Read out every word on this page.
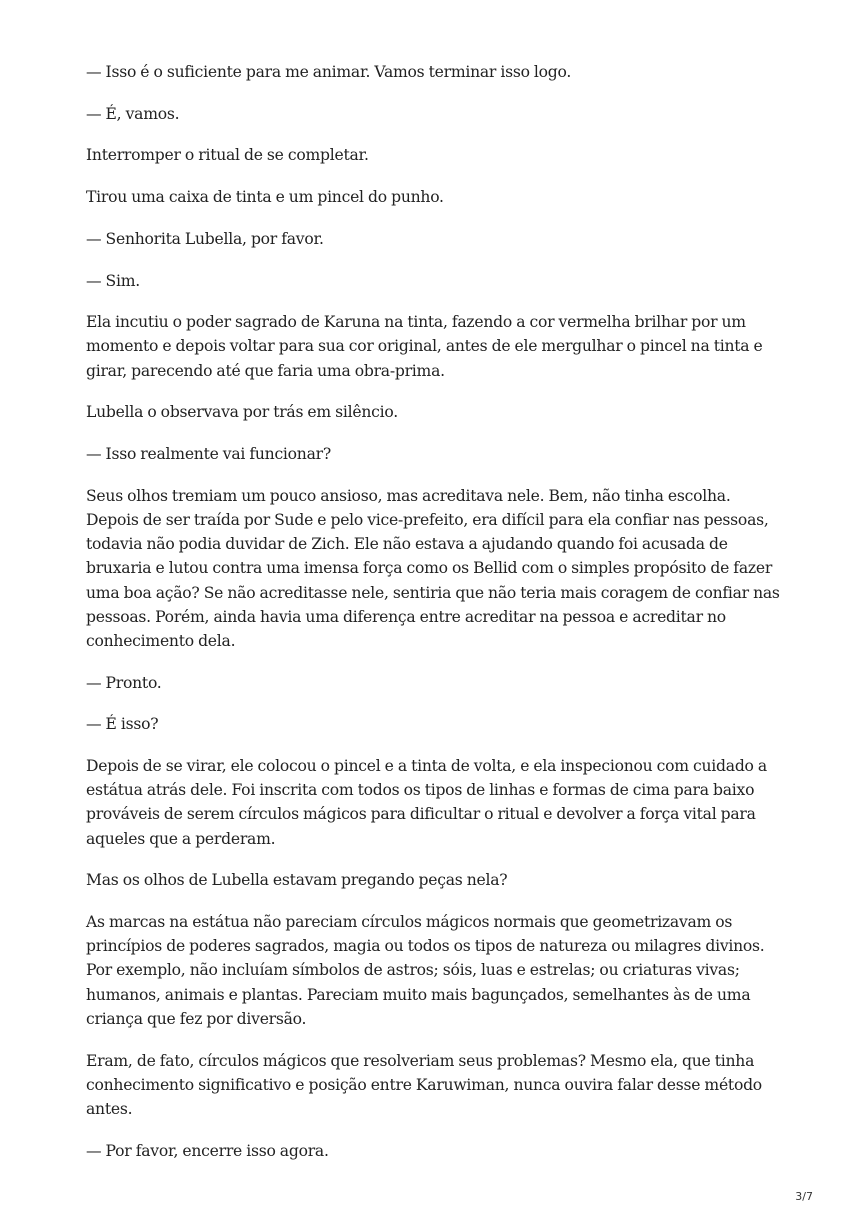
— Isso é o suficiente para me animar. Vamos terminar isso logo.

— É, vamos.

Interromper o ritual de se completar.

Tirou uma caixa de tinta e um pincel do punho.

— Senhorita Lubella, por favor.

— Sim.

Ela incutiu o poder sagrado de Karuna na tinta, fazendo a cor vermelha brilhar por um momento e depois voltar para sua cor original, antes de ele mergulhar o pincel na tinta e girar, parecendo até que faria uma obra-prima.

Lubella o observava por trás em silêncio.

— Isso realmente vai funcionar?

Seus olhos tremiam um pouco ansioso, mas acreditava nele. Bem, não tinha escolha. Depois de ser traída por Sude e pelo vice-prefeito, era difícil para ela confiar nas pessoas, todavia não podia duvidar de Zich. Ele não estava a ajudando quando foi acusada de bruxaria e lutou contra uma imensa força como os Bellid com o simples propósito de fazer uma boa ação? Se não acreditasse nele, sentiria que não teria mais coragem de confiar nas pessoas. Porém, ainda havia uma diferença entre acreditar na pessoa e acreditar no conhecimento dela.

— Pronto.

— É isso?

Depois de se virar, ele colocou o pincel e a tinta de volta, e ela inspecionou com cuidado a estátua atrás dele. Foi inscrita com todos os tipos de linhas e formas de cima para baixo prováveis de serem círculos mágicos para dificultar o ritual e devolver a força vital para aqueles que a perderam.

Mas os olhos de Lubella estavam pregando peças nela?

As marcas na estátua não pareciam círculos mágicos normais que geometrizavam os princípios de poderes sagrados, magia ou todos os tipos de natureza ou milagres divinos. Por exemplo, não incluíam símbolos de astros; sóis, luas e estrelas; ou criaturas vivas; humanos, animais e plantas. Pareciam muito mais bagunçados, semelhantes às de uma criança que fez por diversão.

Eram, de fato, círculos mágicos que resolveriam seus problemas? Mesmo ela, que tinha conhecimento significativo e posição entre Karuwiman, nunca ouvira falar desse método antes.

— Por favor, encerre isso agora.

3/7
